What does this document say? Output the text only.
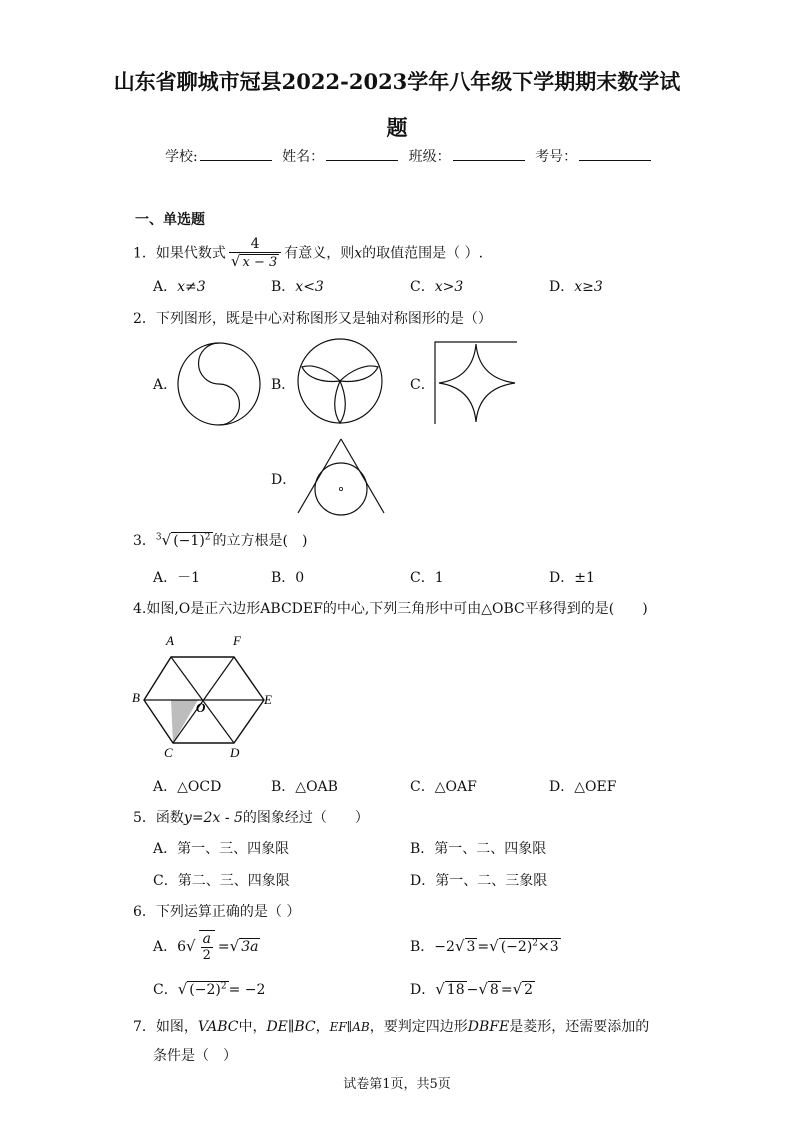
山东省聊城市冠县2022-2023学年八年级下学期期末数学试
题
学校:	姓名：	班级：	考号：
一、单选题
1．如果代数式 $\frac{4}{√ x - 3}$ 有意义，则x的取值范围是（ ）.
A．x≠3	B．x<3	C．x>3	D．x≥3
2．下列图形，既是中心对称图形又是轴对称图形的是（）
A．	B．	C．
D．
3．$^3$√ $(-1)^2$ 的立方根是(　)
A．－1	B．0	C．1	D．±1
4.如图,O是正六边形ABCDEF的中心,下列三角形中可由△OBC平移得到的是(　　)
A	F
B
O
E
C	D
A．△OCD	B．△OAB	C．△OAF	D．△OEF
5．函数y=2x - 5的图象经过（　　）
A．第一、三、四象限	B．第一、二、四象限
C．第二、三、四象限	D．第一、二、三象限
6．下列运算正确的是（ ）
A．$6√ \frac{a}{2}$ =√ 3a	B．−2√ 3 =√ $(-2)^2\times 3$
C．√ $(-2)^2 = -2$	D．√ 18 −√ 8 =√ 2
7．如图，VABC中，DE∥BC，EF∥AB，要判定四边形DBFE是菱形，还需要添加的
条件是（　）
试卷第1页，共5页
